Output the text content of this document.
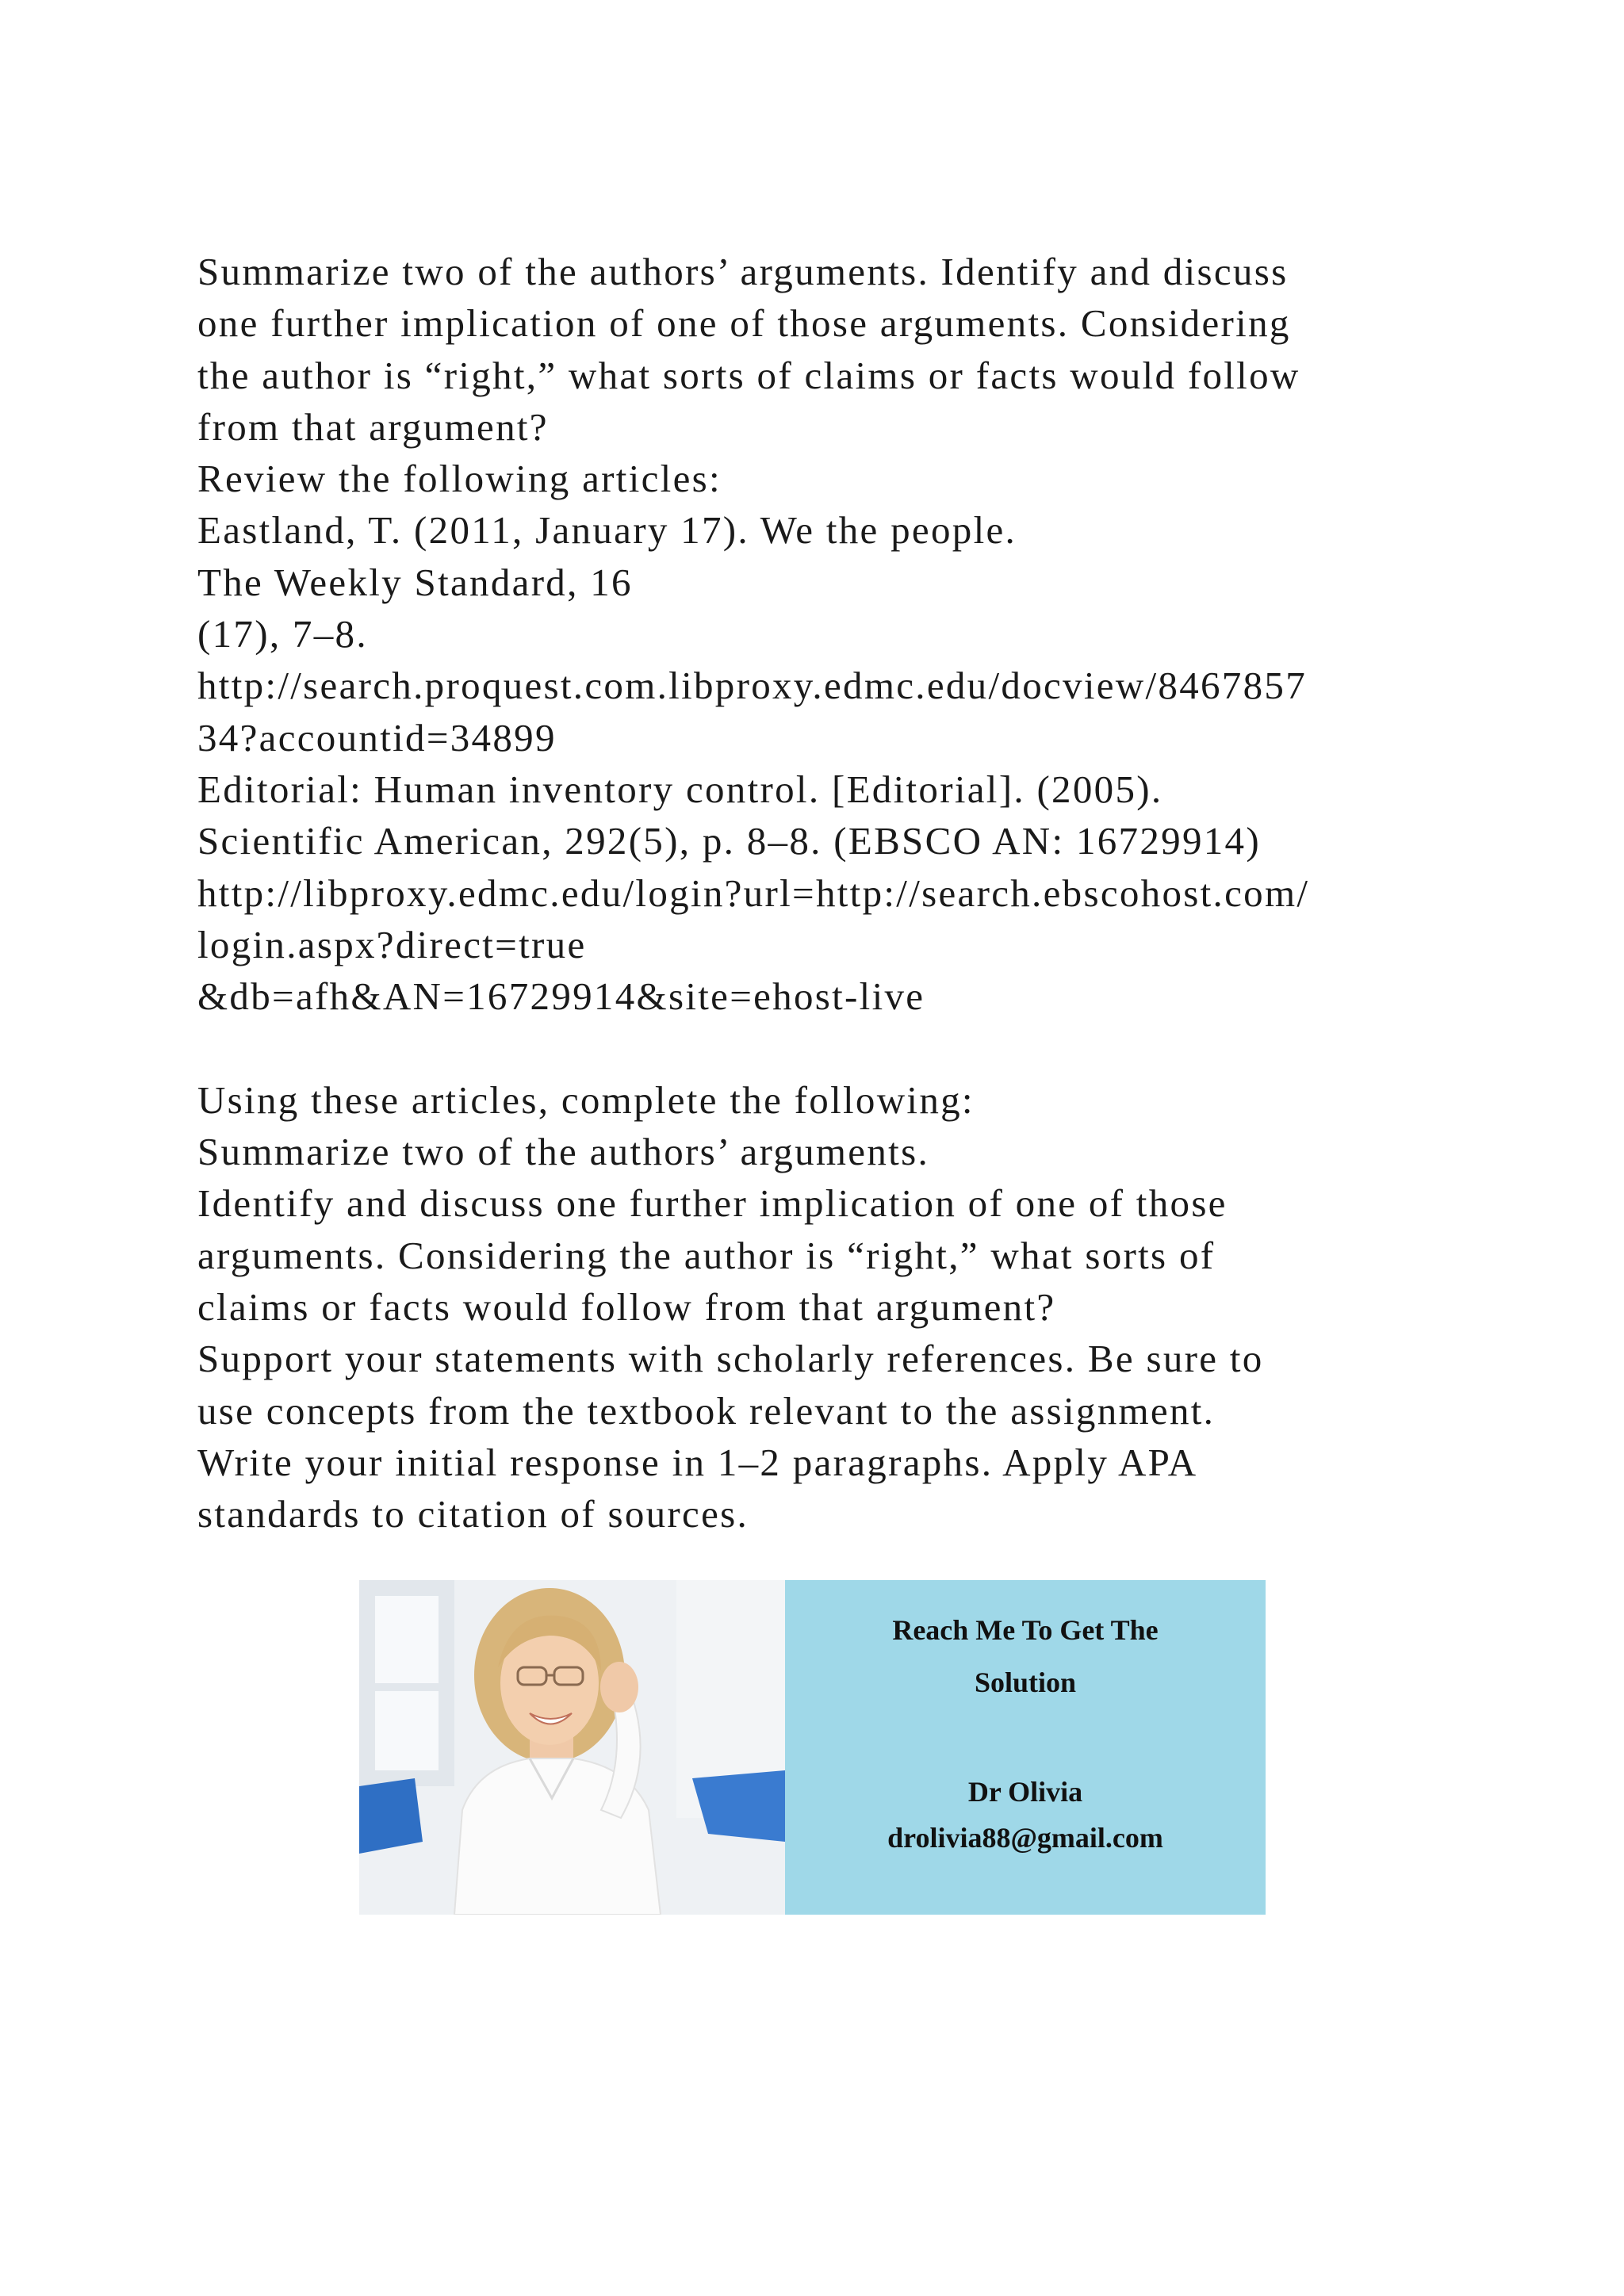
Summarize two of the authors’ arguments. Identify and discuss
one further implication of one of those arguments. Considering
the author is “right,” what sorts of claims or facts would follow
from that argument?
Review the following articles:
Eastland, T. (2011, January 17). We the people.
The Weekly Standard, 16
(17), 7–8.
http://search.proquest.com.libproxy.edmc.edu/docview/8467857
34?accountid=34899
Editorial: Human inventory control. [Editorial]. (2005).
Scientific American, 292(5), p. 8–8. (EBSCO AN: 16729914)
http://libproxy.edmc.edu/login?url=http://search.ebscohost.com/
login.aspx?direct=true
&db=afh&AN=16729914&site=ehost-live
Using these articles, complete the following:
Summarize two of the authors’ arguments.
Identify and discuss one further implication of one of those
arguments. Considering the author is “right,” what sorts of
claims or facts would follow from that argument?
Support your statements with scholarly references. Be sure to
use concepts from the textbook relevant to the assignment.
Write your initial response in 1–2 paragraphs. Apply APA
standards to citation of sources.
Reach Me To Get The
Solution
Dr Olivia
drolivia88@gmail.com
